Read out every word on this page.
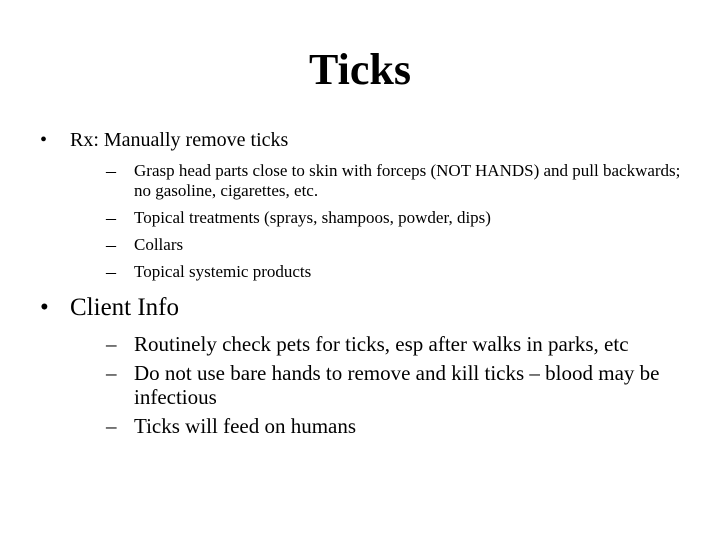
Ticks
• Rx: Manually remove ticks
– Grasp head parts close to skin with forceps (NOT HANDS) and pull backwards; no gasoline, cigarettes, etc.
– Topical treatments (sprays, shampoos, powder, dips)
– Collars
– Topical systemic products
• Client Info
– Routinely check pets for ticks, esp after walks in parks, etc
– Do not use bare hands to remove and kill ticks – blood may be infectious
– Ticks will feed on humans
